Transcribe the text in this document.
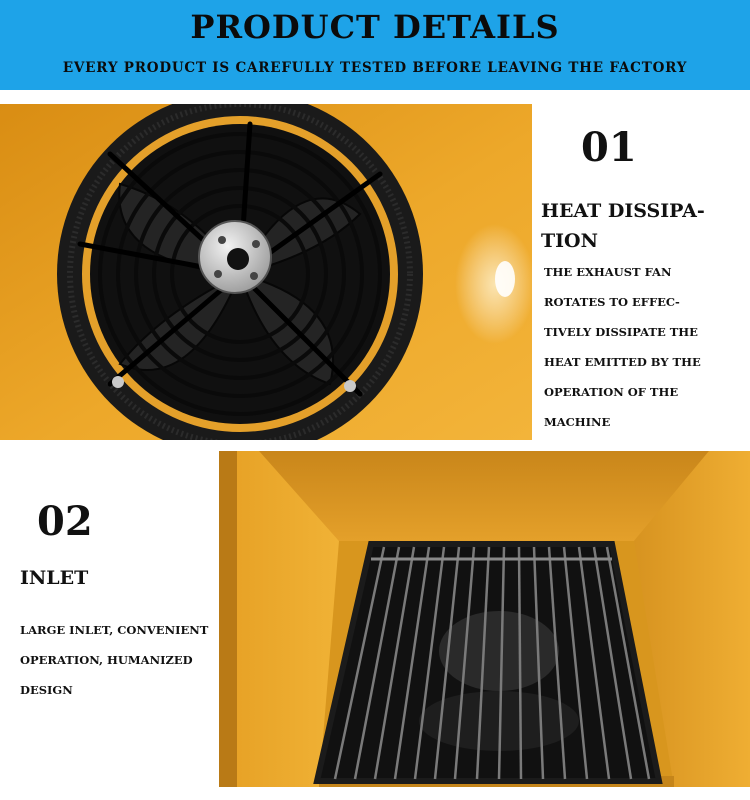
PRODUCT DETAILS
EVERY PRODUCT IS CAREFULLY TESTED BEFORE LEAVING THE FACTORY
01
HEAT DISSIPA-
TION
THE EXHAUST FAN
ROTATES TO EFFEC-
TIVELY DISSIPATE THE
HEAT EMITTED BY THE
OPERATION OF THE
MACHINE
02
INLET
LARGE INLET, CONVENIENT
OPERATION, HUMANIZED
DESIGN
